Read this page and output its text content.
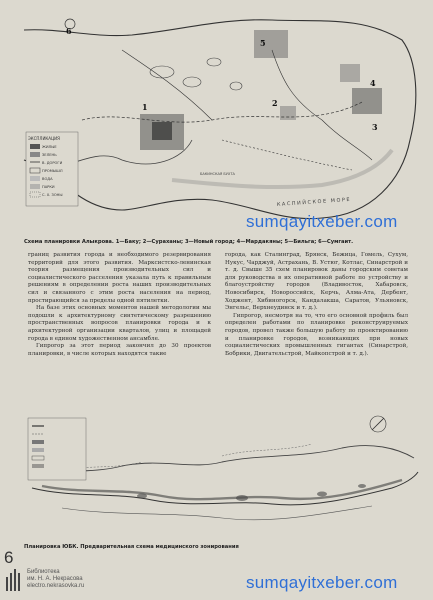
ЭКСПЛИКАЦИЯ
ЖИЛЫЕ
ЗЕЛЕНЬ
В. ДОРОГИ
ПРОМЫШЛ
ВОДА
ПАРКИ
С. Х. ЗОНЫ
КАСПИЙСКОЕ МОРЕ
БАКИНСКАЯ БУХТА
1	2
3
4
5
6
Схема планировки Алыкрова. 1—Баку; 2—Сураханы; 3—Новый город; 4—Мардакяны; 5—Бильга; 6—Сумгаит.
sumqayitxeber.com

границ развития города и необходимого резервирования территорий для этого развития. Марксистско-ленинская теория размещения производительных сил и социалистического расселения указала путь к правильным решениям в определении роста наших производительных сил и связанного с этим роста населения на период, простирающийся за пределы одной пятилетки.

На базе этих основных моментов нашей методологии мы подошли к архитектурному синтетическому разрешению пространственных вопросов планировки города и к архитектурной организации кварталов, улиц и площадей города в едином художественном ансамбле.

Гипрогор за этот период закончил до 30 проектов планировки, в числе которых находятся такие

города, как Сталинград, Брянск, Бежица, Гомель, Сухум, Нукус, Чарджуй, Астрахань, В. Устюг, Котлас, Синарстрой и т. д. Свыше 35 схем планировок даны городским советам для руководства в их оперативной работе по устройству и благоустройству городов (Владивосток, Хабаровск, Новосибирск, Новороссийск, Керчь, Алма-Ата, Дербент, Ходжент, Хибиногорск, Кандалакша, Саратов, Ульяновск, Энгельс, Верхнеудинск и т. д.).

Гипрогор, несмотря на то, что его основной профиль был определен работами по планировке реконструируемых городов, провел также большую работу по проектированию и планировке городов, возникающих при новых социалистических промышленных гигантах (Синарстрой, Бобрики, Двигательстрой, Майкопстрой и т. д.).

Планировка ЮБК. Предварительная схема медицинского зонирования
6
Библиотека
им. Н. А. Некрасова
electro.nekrasovka.ru	sumqayitxeber.com
